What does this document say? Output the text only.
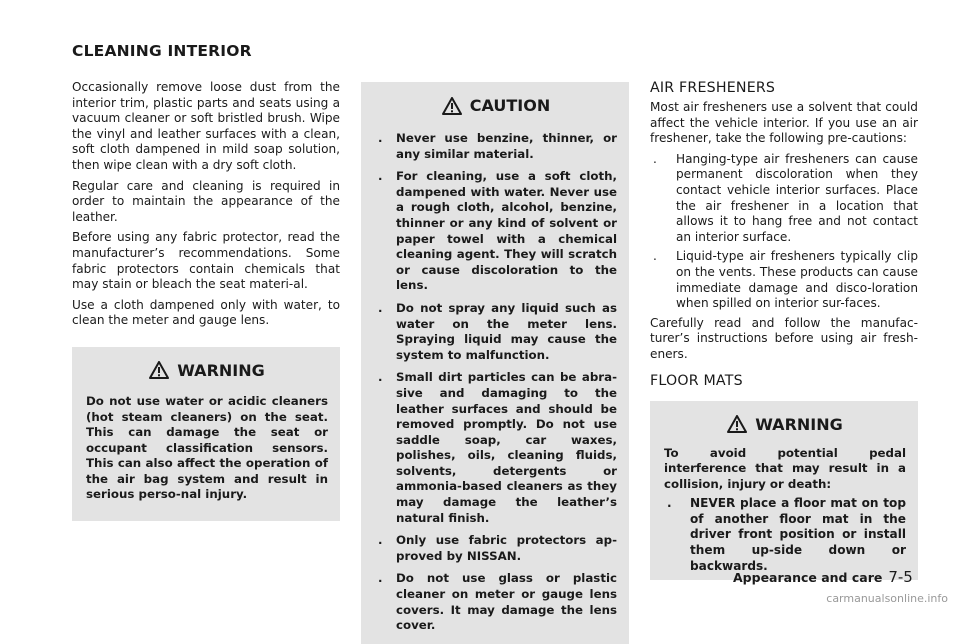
CLEANING INTERIOR

Occasionally remove loose dust from the interior trim, plastic parts and seats using a vacuum cleaner or soft bristled brush. Wipe the vinyl and leather surfaces with a clean, soft cloth dampened in mild soap solution, then wipe clean with a dry soft cloth.

Regular care and cleaning is required in order to maintain the appearance of the leather.

Before using any fabric protector, read the manufacturer’s recommendations. Some fabric protectors contain chemicals that may stain or bleach the seat materi-al.

Use a cloth dampened only with water, to clean the meter and gauge lens.

WARNING

Do not use water or acidic cleaners (hot steam cleaners) on the seat. This can damage the seat or occupant classification sensors. This can also affect the operation of the air bag system and result in serious perso-nal injury.

CAUTION
. Never use benzine, thinner, or any similar material.
. For cleaning, use a soft cloth, dampened with water. Never use a rough cloth, alcohol, benzine, thinner or any kind of solvent or paper towel with a chemical cleaning agent. They will scratch or cause discoloration to the lens.
. Do not spray any liquid such as water on the meter lens. Spraying liquid may cause the system to malfunction.
. Small dirt particles can be abra-sive and damaging to the leather surfaces and should be removed promptly. Do not use saddle soap, car waxes, polishes, oils, cleaning fluids, solvents, detergents or ammonia-based cleaners as they may damage the leather’s natural finish.
. Only use fabric protectors ap-proved by NISSAN.
. Do not use glass or plastic cleaner on meter or gauge lens covers. It may damage the lens cover.
AIR FRESHENERS

Most air fresheners use a solvent that could affect the vehicle interior. If you use an air freshener, take the following pre-cautions:

. Hanging-type air fresheners can cause permanent discoloration when they contact vehicle interior surfaces. Place the air freshener in a location that allows it to hang free and not contact an interior surface.
. Liquid-type air fresheners typically clip on the vents. These products can cause immediate damage and disco-loration when spilled on interior sur-faces.

Carefully read and follow the manufac-turer’s instructions before using air fresh-eners.

FLOOR MATS
WARNING

To avoid potential pedal interference that may result in a collision, injury or death:

. NEVER place a floor mat on top of another floor mat in the driver front position or install them up-side down or backwards.
Appearance and care 7-5
carmanualsonline.info
